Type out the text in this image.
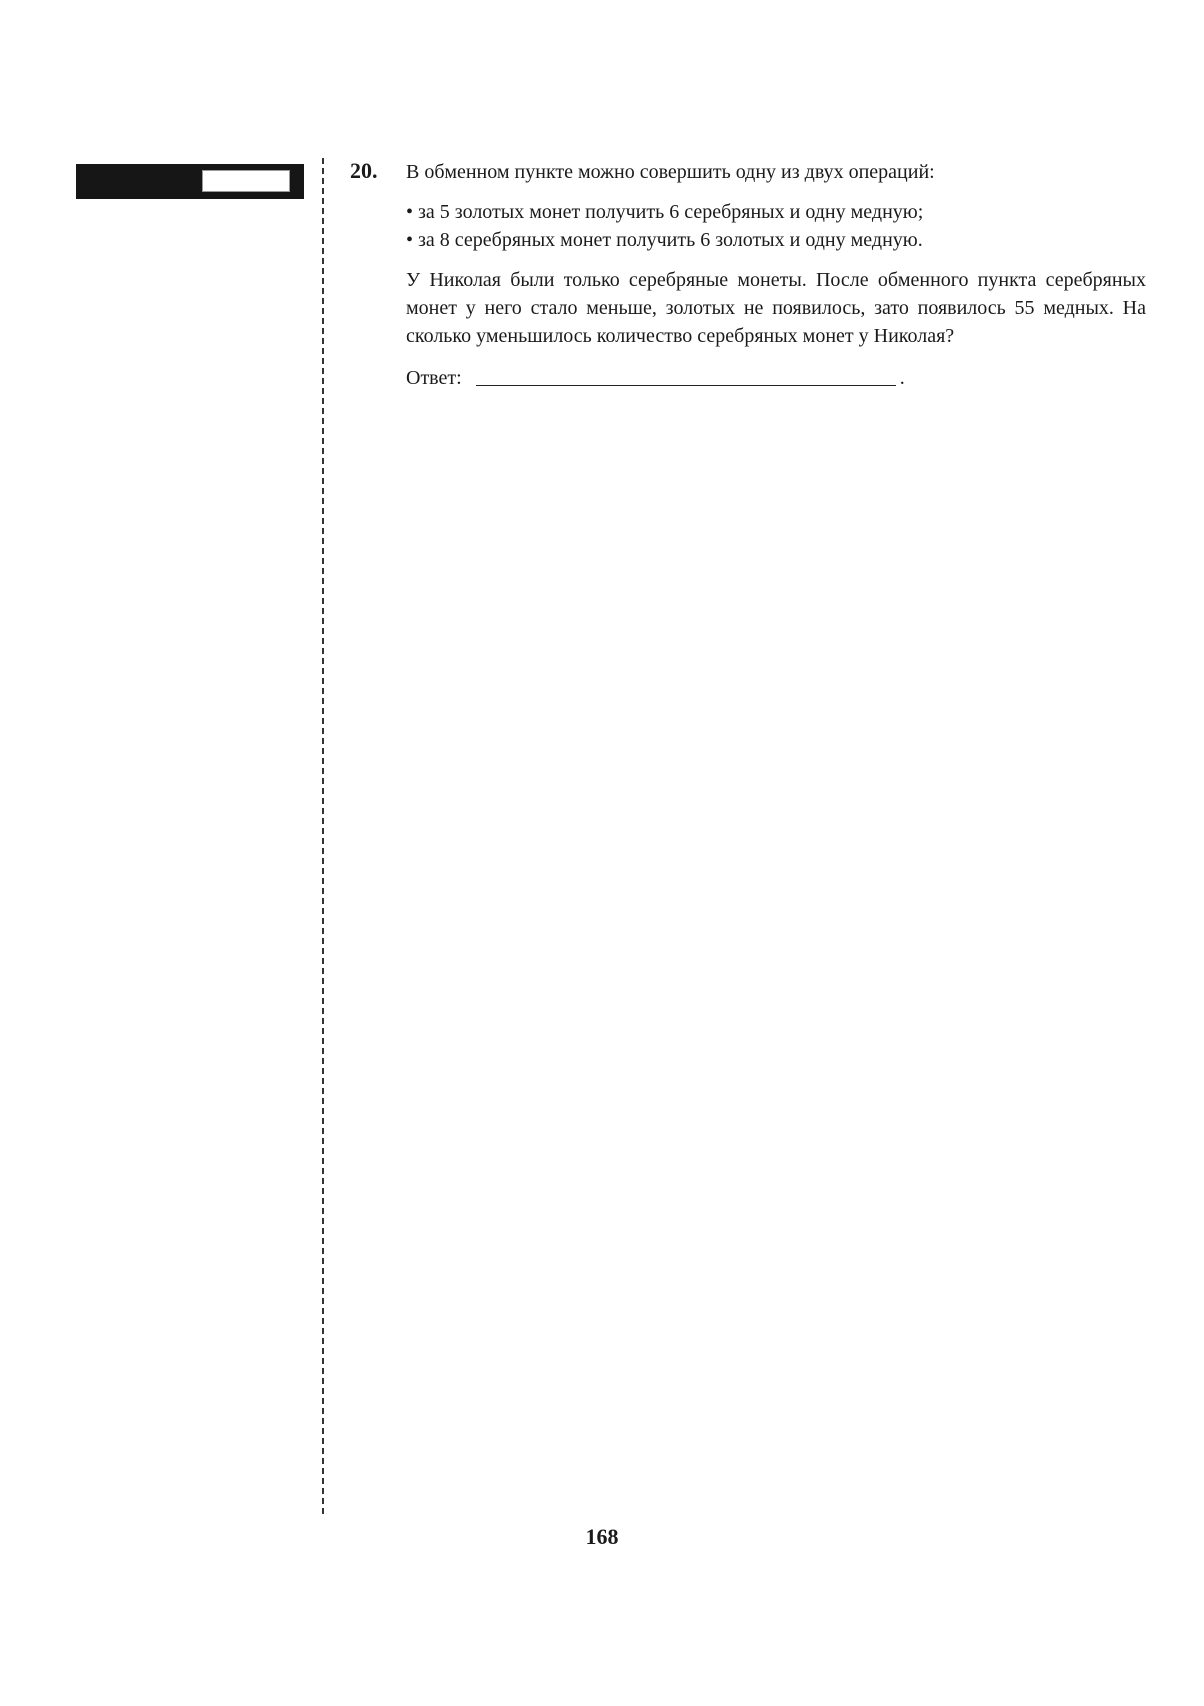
20. В обменном пункте можно совершить одну из двух операций:

• за 5 золотых монет получить 6 серебряных и одну медную;
• за 8 серебряных монет получить 6 золотых и одну медную.

У Николая были только серебряные монеты. После обменного пункта серебряных монет у него стало меньше, золотых не появилось, зато появилось 55 медных. На сколько уменьшилось количество серебряных монет у Николая?

Ответ:	.
168
